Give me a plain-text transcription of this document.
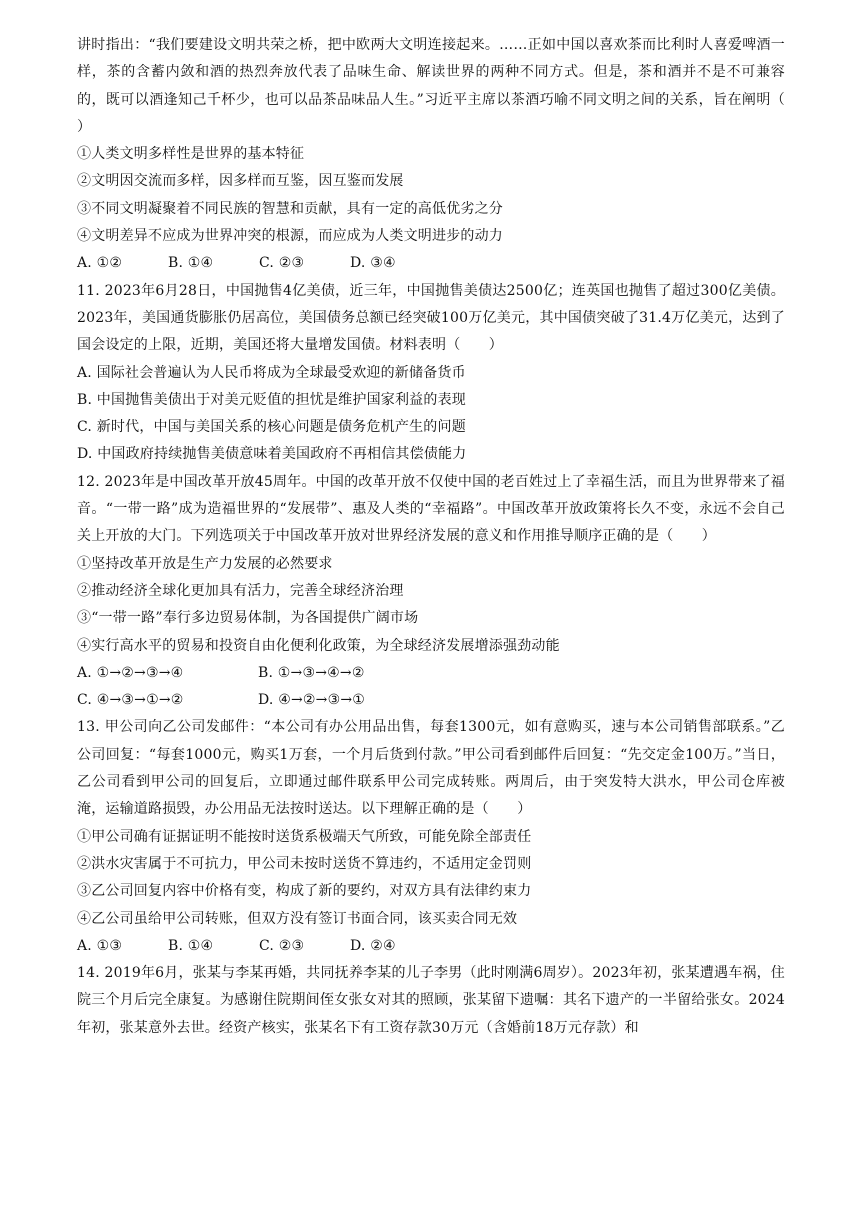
讲时指出：“我们要建设文明共荣之桥，把中欧两大文明连接起来。……正如中国以喜欢茶而比利时人喜爱啤酒一样，茶的含蓄内敛和酒的热烈奔放代表了品味生命、解读世界的两种不同方式。但是，茶和酒并不是不可兼容的，既可以酒逢知己千杯少，也可以品茶品味品人生。”习近平主席以茶酒巧喻不同文明之间的关系，旨在阐明（　　）

①人类文明多样性是世界的基本特征
②文明因交流而多样，因多样而互鉴，因互鉴而发展
③不同文明凝聚着不同民族的智慧和贡献，具有一定的高低优劣之分
④文明差异不应成为世界冲突的根源，而应成为人类文明进步的动力
A. ①②	B. ①④	C. ②③	D. ③④

11. 2023年6月28日，中国抛售4亿美债，近三年，中国抛售美债达2500亿；连英国也抛售了超过300亿美债。2023年，美国通货膨胀仍居高位，美国债务总额已经突破100万亿美元，其中国债突破了31.4万亿美元，达到了国会设定的上限，近期，美国还将大量增发国债。材料表明（　　）

A. 国际社会普遍认为人民币将成为全球最受欢迎的新储备货币
B. 中国抛售美债出于对美元贬值的担忧是维护国家利益的表现
C. 新时代，中国与美国关系的核心问题是债务危机产生的问题
D. 中国政府持续抛售美债意味着美国政府不再相信其偿债能力

12. 2023年是中国改革开放45周年。中国的改革开放不仅使中国的老百姓过上了幸福生活，而且为世界带来了福音。“一带一路”成为造福世界的“发展带”、惠及人类的“幸福路”。中国改革开放政策将长久不变，永远不会自己关上开放的大门。下列选项关于中国改革开放对世界经济发展的意义和作用推导顺序正确的是（　　）

①坚持改革开放是生产力发展的必然要求
②推动经济全球化更加具有活力，完善全球经济治理
③“一带一路”奉行多边贸易体制，为各国提供广阔市场
④实行高水平的贸易和投资自由化便利化政策，为全球经济发展增添强劲动能
A. ①→②→③→④	B. ①→③→④→②
C. ④→③→①→②	D. ④→②→③→①

13. 甲公司向乙公司发邮件：“本公司有办公用品出售，每套1300元，如有意购买，速与本公司销售部联系。”乙公司回复：“每套1000元，购买1万套，一个月后货到付款。”甲公司看到邮件后回复：“先交定金100万。”当日，乙公司看到甲公司的回复后，立即通过邮件联系甲公司完成转账。两周后，由于突发特大洪水，甲公司仓库被淹，运输道路损毁，办公用品无法按时送达。以下理解正确的是（　　）

①甲公司确有证据证明不能按时送货系极端天气所致，可能免除全部责任
②洪水灾害属于不可抗力，甲公司未按时送货不算违约，不适用定金罚则
③乙公司回复内容中价格有变，构成了新的要约，对双方具有法律约束力
④乙公司虽给甲公司转账，但双方没有签订书面合同，该买卖合同无效
A. ①③	B. ①④	C. ②③	D. ②④

14. 2019年6月，张某与李某再婚，共同抚养李某的儿子李男（此时刚满6周岁）。2023年初，张某遭遇车祸，住院三个月后完全康复。为感谢住院期间侄女张女对其的照顾，张某留下遗嘱：其名下遗产的一半留给张女。2024年初，张某意外去世。经资产核实，张某名下有工资存款30万元（含婚前18万元存款）和
